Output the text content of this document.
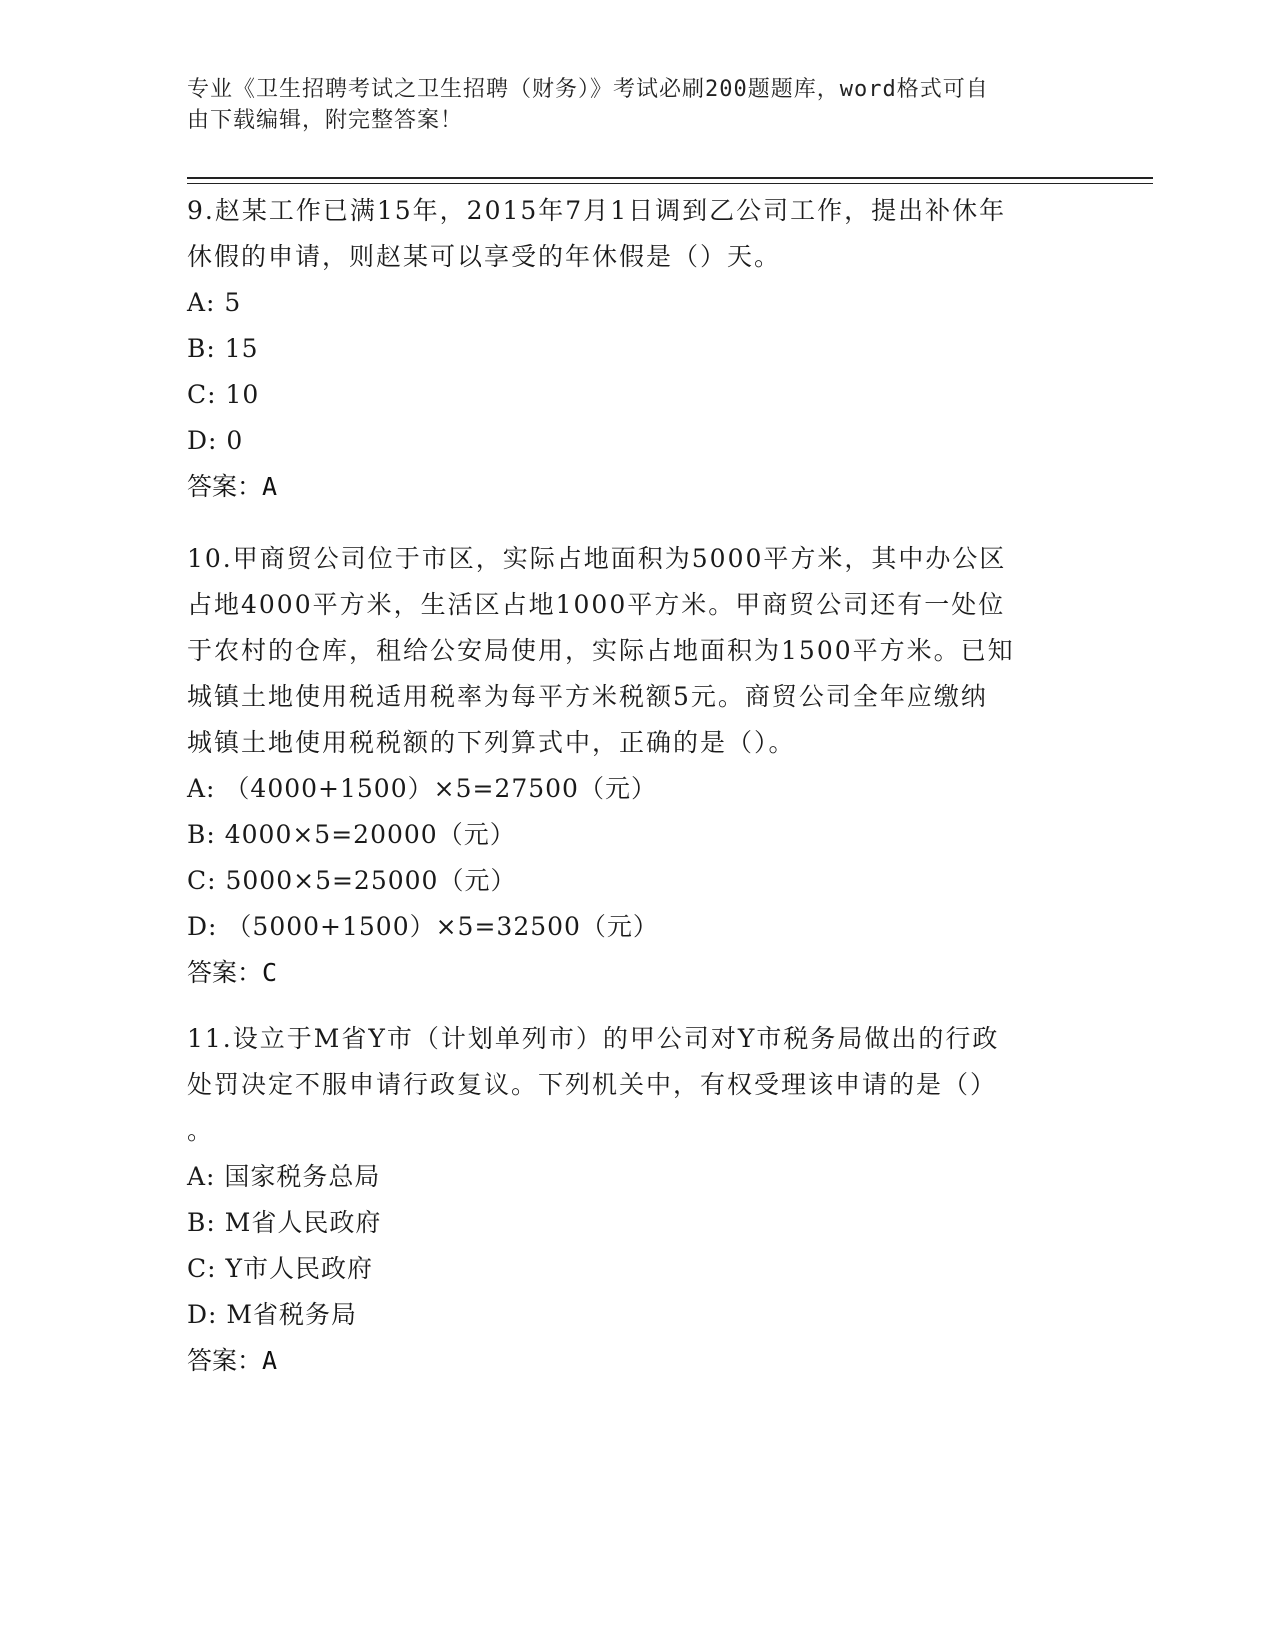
专业《卫生招聘考试之卫生招聘（财务）》考试必刷200题题库，word格式可自
由下载编辑，附完整答案！

9.赵某工作已满15年，2015年7月1日调到乙公司工作，提出补休年

休假的申请，则赵某可以享受的年休假是（）天。

A: 5

B: 15

C: 10

D: 0

答案：A

10.甲商贸公司位于市区，实际占地面积为5000平方米，其中办公区

占地4000平方米，生活区占地1000平方米。甲商贸公司还有一处位

于农村的仓库，租给公安局使用，实际占地面积为1500平方米。已知

城镇土地使用税适用税率为每平方米税额5元。商贸公司全年应缴纳

城镇土地使用税税额的下列算式中，正确的是（）。

A: （4000+1500）×5=27500（元）

B: 4000×5=20000（元）

C: 5000×5=25000（元）

D: （5000+1500）×5=32500（元）

答案：C

11.设立于M省Y市（计划单列市）的甲公司对Y市税务局做出的行政

处罚决定不服申请行政复议。下列机关中，有权受理该申请的是（）

。

A: 国家税务总局

B: M省人民政府

C: Y市人民政府

D: M省税务局

答案：A
